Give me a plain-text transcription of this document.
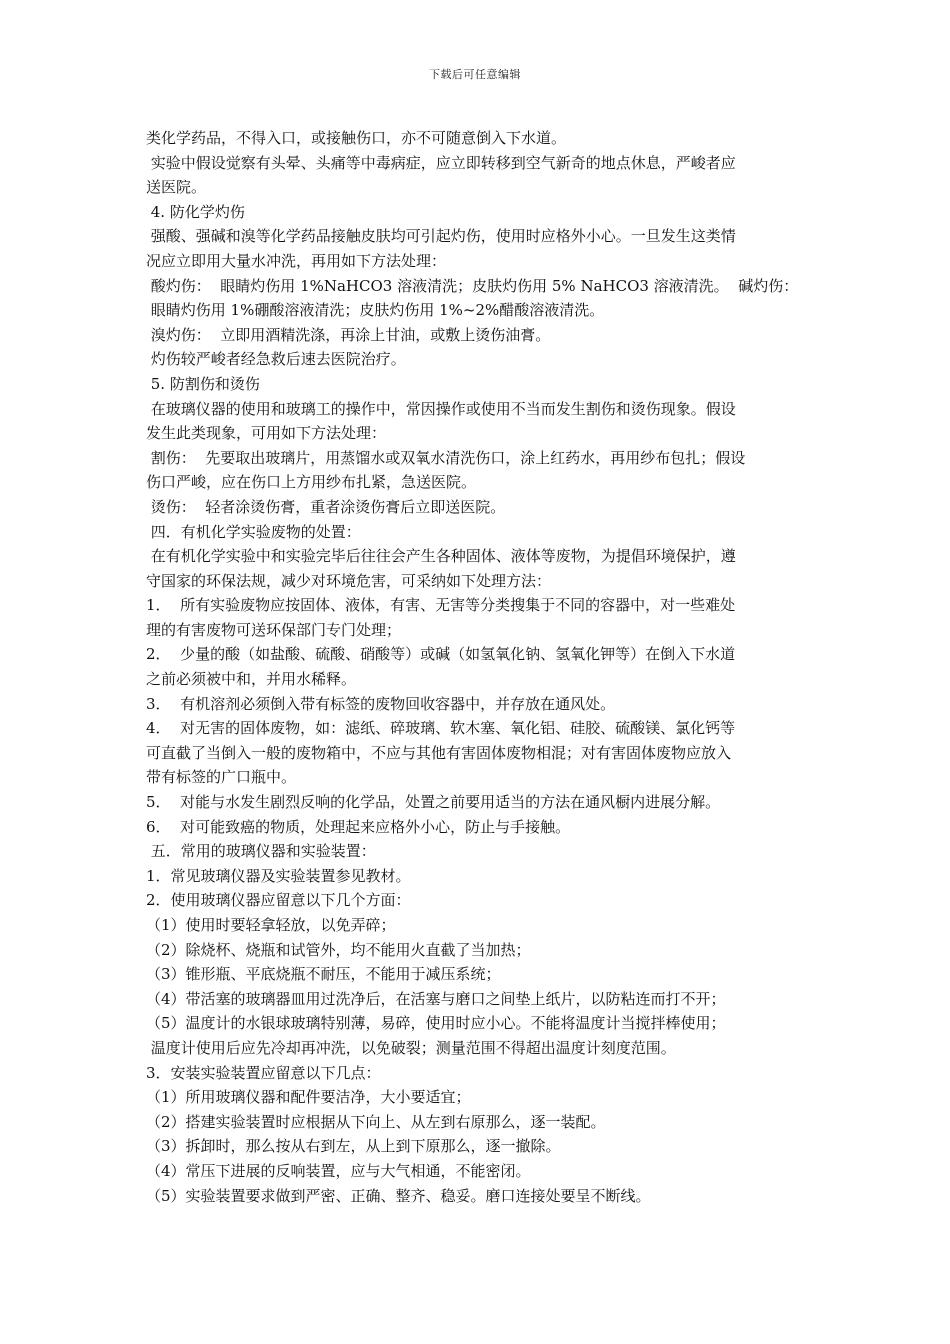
下载后可任意编辑
类化学药品，不得入口，或接触伤口，亦不可随意倒入下水道。
实验中假设觉察有头晕、头痛等中毒病症，应立即转移到空气新奇的地点休息，严峻者应
送医院。
4. 防化学灼伤
强酸、强碱和溴等化学药品接触皮肤均可引起灼伤，使用时应格外小心。一旦发生这类情
况应立即用大量水冲洗，再用如下方法处理：
酸灼伤：  眼睛灼伤用 1%NaHCO3 溶液清洗；皮肤灼伤用 5% NaHCO3 溶液清洗。  碱灼伤：
眼睛灼伤用 1%硼酸溶液清洗；皮肤灼伤用 1%~2%醋酸溶液清洗。
溴灼伤：  立即用酒精洗涤，再涂上甘油，或敷上烫伤油膏。
灼伤较严峻者经急救后速去医院治疗。
5. 防割伤和烫伤
在玻璃仪器的使用和玻璃工的操作中，常因操作或使用不当而发生割伤和烫伤现象。假设
发生此类现象，可用如下方法处理：
割伤：  先要取出玻璃片，用蒸馏水或双氧水清洗伤口，涂上红药水，再用纱布包扎；假设
伤口严峻，应在伤口上方用纱布扎紧，急送医院。
烫伤：  轻者涂烫伤膏，重者涂烫伤膏后立即送医院。
四．有机化学实验废物的处置：
在有机化学实验中和实验完毕后往往会产生各种固体、液体等废物，为提倡环境保护，遵
守国家的环保法规，减少对环境危害，可采纳如下处理方法：
1．  所有实验废物应按固体、液体，有害、无害等分类搜集于不同的容器中，对一些难处
理的有害废物可送环保部门专门处理；
2．  少量的酸（如盐酸、硫酸、硝酸等）或碱（如氢氧化钠、氢氧化钾等）在倒入下水道
之前必须被中和，并用水稀释。
3．  有机溶剂必须倒入带有标签的废物回收容器中，并存放在通风处。
4．  对无害的固体废物，如：滤纸、碎玻璃、软木塞、氧化铝、硅胶、硫酸镁、氯化钙等
可直截了当倒入一般的废物箱中，不应与其他有害固体废物相混；对有害固体废物应放入
带有标签的广口瓶中。
5．  对能与水发生剧烈反响的化学品，处置之前要用适当的方法在通风橱内进展分解。
6．  对可能致癌的物质，处理起来应格外小心，防止与手接触。
五．常用的玻璃仪器和实验装置：
1．常见玻璃仪器及实验装置参见教材。
2．使用玻璃仪器应留意以下几个方面：
（1）使用时要轻拿轻放，以免弄碎；
（2）除烧杯、烧瓶和试管外，均不能用火直截了当加热；
（3）锥形瓶、平底烧瓶不耐压，不能用于减压系统；
（4）带活塞的玻璃器皿用过洗净后，在活塞与磨口之间垫上纸片，以防粘连而打不开；
（5）温度计的水银球玻璃特别薄，易碎，使用时应小心。不能将温度计当搅拌棒使用；
温度计使用后应先冷却再冲洗，以免破裂；测量范围不得超出温度计刻度范围。
3．安装实验装置应留意以下几点：
（1）所用玻璃仪器和配件要洁净，大小要适宜；
（2）搭建实验装置时应根据从下向上、从左到右原那么，逐一装配。
（3）拆卸时，那么按从右到左，从上到下原那么，逐一撤除。
（4）常压下进展的反响装置，应与大气相通，不能密闭。
（5）实验装置要求做到严密、正确、整齐、稳妥。磨口连接处要呈不断线。
